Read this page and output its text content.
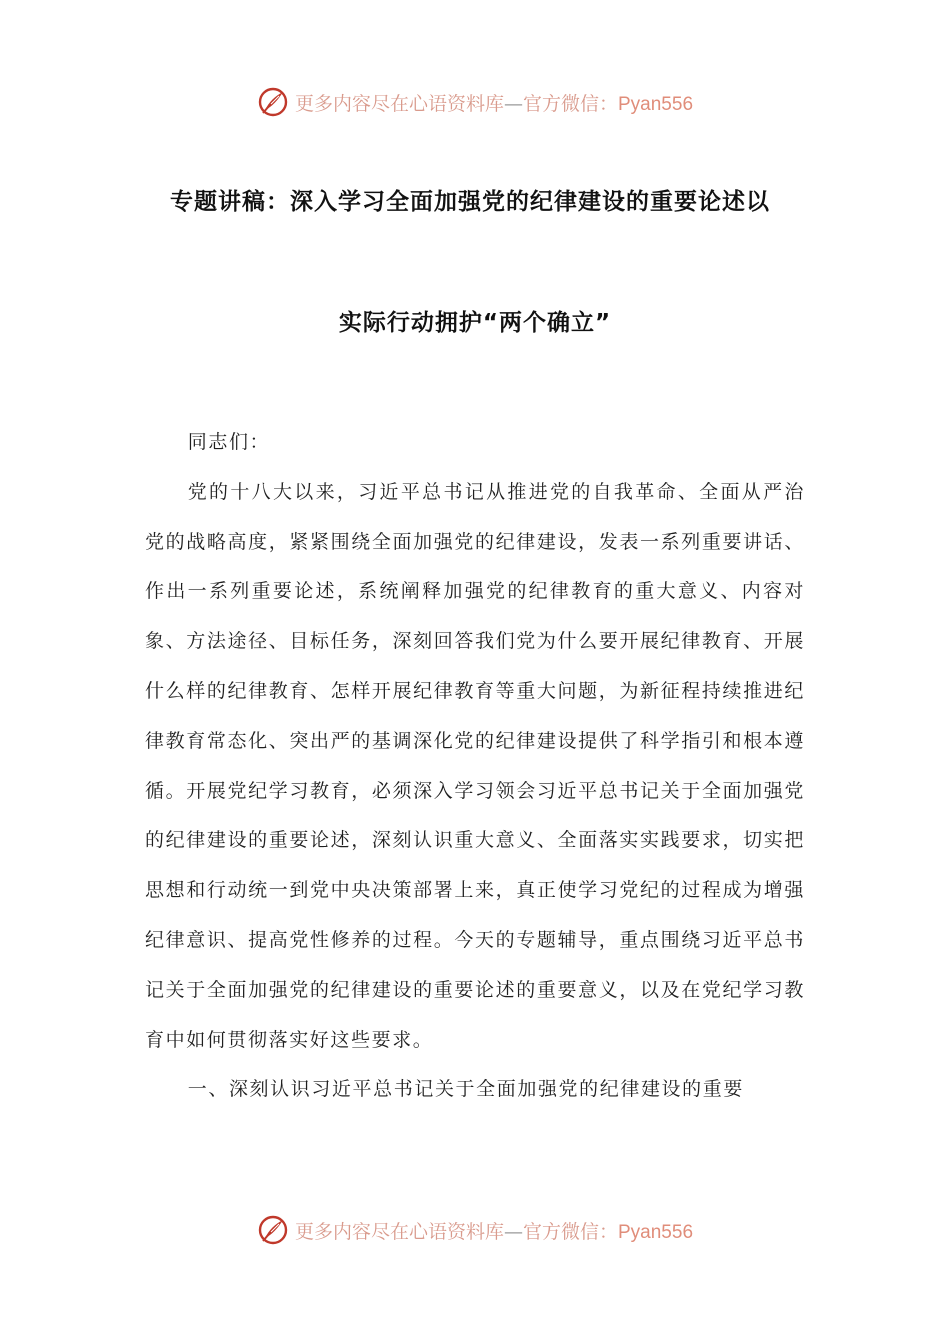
更多内容尽在心语资料库—官方微信：Pyan556
专题讲稿：深入学习全面加强党的纪律建设的重要论述以
实际行动拥护“两个确立”

同志们：

党的十八大以来，习近平总书记从推进党的自我革命、全面从严治党的战略高度，紧紧围绕全面加强党的纪律建设，发表一系列重要讲话、作出一系列重要论述，系统阐释加强党的纪律教育的重大意义、内容对象、方法途径、目标任务，深刻回答我们党为什么要开展纪律教育、开展什么样的纪律教育、怎样开展纪律教育等重大问题，为新征程持续推进纪律教育常态化、突出严的基调深化党的纪律建设提供了科学指引和根本遵循。开展党纪学习教育，必须深入学习领会习近平总书记关于全面加强党的纪律建设的重要论述，深刻认识重大意义、全面落实实践要求，切实把思想和行动统一到党中央决策部署上来，真正使学习党纪的过程成为增强纪律意识、提高党性修养的过程。今天的专题辅导，重点围绕习近平总书记关于全面加强党的纪律建设的重要论述的重要意义，以及在党纪学习教育中如何贯彻落实好这些要求。

一、深刻认识习近平总书记关于全面加强党的纪律建设的重要

更多内容尽在心语资料库—官方微信：Pyan556
